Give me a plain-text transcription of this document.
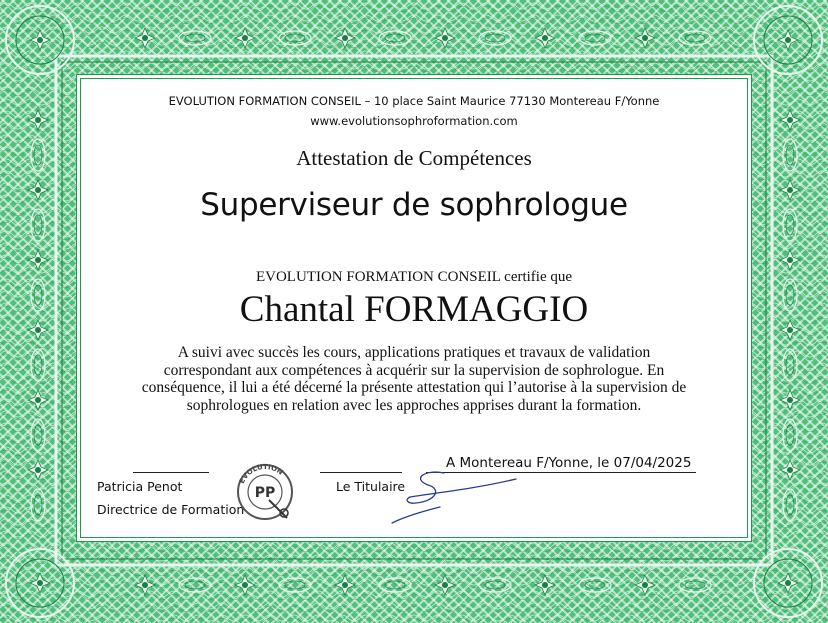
EVOLUTION FORMATION CONSEIL – 10 place Saint Maurice 77130 Montereau F/Yonne
www.evolutionsophroformation.com
Attestation de Compétences
Superviseur de sophrologue
EVOLUTION FORMATION CONSEIL certifie que
Chantal FORMAGGIO
A suivi avec succès les cours, applications pratiques et travaux de validation
correspondant aux compétences à acquérir sur la supervision de sophrologue. En
conséquence, il lui a été décerné la présente attestation qui l’autorise à la supervision de
sophrologues en relation avec les approches apprises durant la formation.
Patricia Penot
Directrice de Formation
EVOLUTION
PP	Le Titulaire
A Montereau F/Yonne, le 07/04/2025
